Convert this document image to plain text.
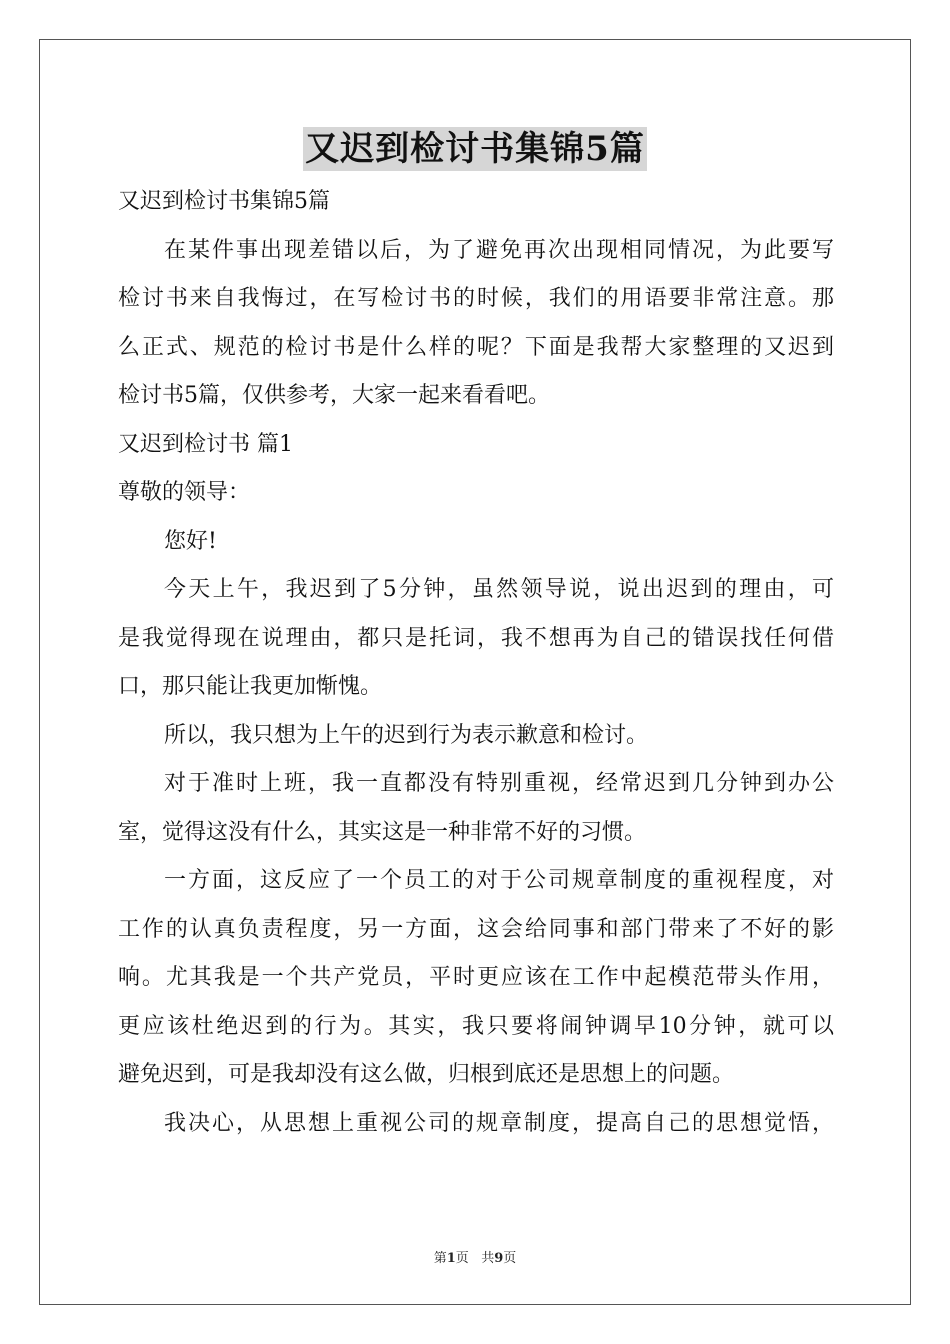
又迟到检讨书集锦5篇
又迟到检讨书集锦5篇
在某件事出现差错以后，为了避免再次出现相同情况，为此要写
检讨书来自我悔过，在写检讨书的时候，我们的用语要非常注意。那
么正式、规范的检讨书是什么样的呢？下面是我帮大家整理的又迟到
检讨书5篇，仅供参考，大家一起来看看吧。
又迟到检讨书 篇1
尊敬的领导：
您好!
今天上午，我迟到了5分钟，虽然领导说，说出迟到的理由，可
是我觉得现在说理由，都只是托词，我不想再为自己的错误找任何借
口，那只能让我更加惭愧。
所以，我只想为上午的迟到行为表示歉意和检讨。
对于准时上班，我一直都没有特别重视，经常迟到几分钟到办公
室，觉得这没有什么，其实这是一种非常不好的习惯。
一方面，这反应了一个员工的对于公司规章制度的重视程度，对
工作的认真负责程度，另一方面，这会给同事和部门带来了不好的影
响。尤其我是一个共产党员，平时更应该在工作中起模范带头作用，
更应该杜绝迟到的行为。其实，我只要将闹钟调早10分钟，就可以
避免迟到，可是我却没有这么做，归根到底还是思想上的问题。
我决心，从思想上重视公司的规章制度，提高自己的思想觉悟，
第1页 共9页
